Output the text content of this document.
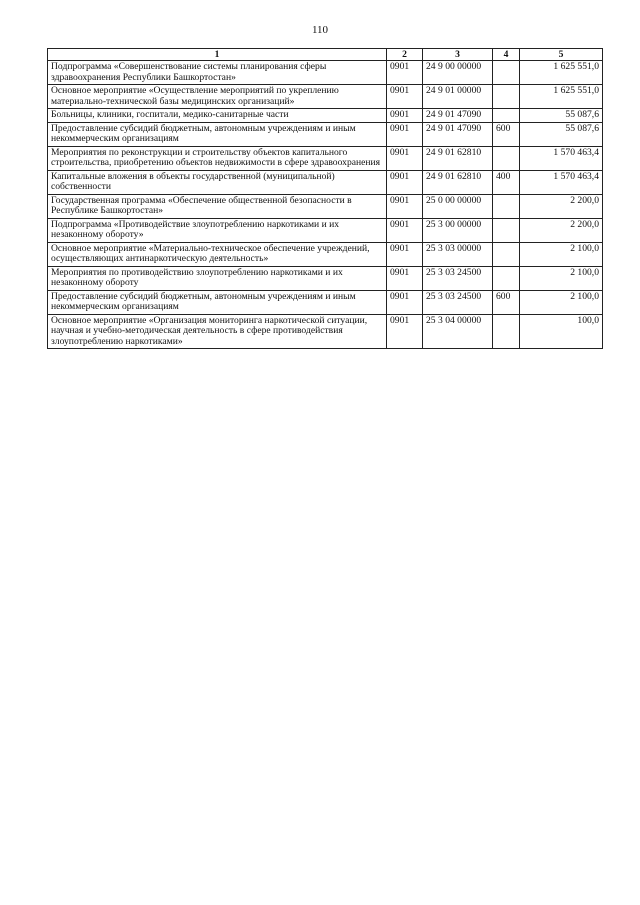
110
1	2	3	4	5
Подпрограмма «Совершенствование системы планирования сферы здравоохранения Республики Башкортостан»	0901	24 9 00 00000		1 625 551,0
Основное мероприятие «Осуществление мероприятий по укреплению материально-технической базы медицинских организаций»	0901	24 9 01 00000		1 625 551,0
Больницы, клиники, госпитали, медико-санитарные части	0901	24 9 01 47090		55 087,6
Предоставление субсидий бюджетным, автономным учреждениям и иным некоммерческим организациям	0901	24 9 01 47090	600	55 087,6
Мероприятия по реконструкции и строительству объектов капитального строительства, приобретению объектов недвижимости в сфере здравоохранения	0901	24 9 01 62810		1 570 463,4
Капитальные вложения в объекты государственной (муниципальной) собственности	0901	24 9 01 62810	400	1 570 463,4
Государственная программа «Обеспечение общественной безопасности в Республике Башкортостан»	0901	25 0 00 00000		2 200,0
Подпрограмма «Противодействие злоупотреблению наркотиками и их незаконному обороту»	0901	25 3 00 00000		2 200,0
Основное мероприятие «Материально-техническое обеспечение учреждений, осуществляющих антинаркотическую деятельность»	0901	25 3 03 00000		2 100,0
Мероприятия по противодействию злоупотреблению наркотиками и их незаконному обороту	0901	25 3 03 24500		2 100,0
Предоставление субсидий бюджетным, автономным учреждениям и иным некоммерческим организациям	0901	25 3 03 24500	600	2 100,0
Основное мероприятие «Организация мониторинга наркотической ситуации, научная и учебно-методическая деятельность в сфере противодействия злоупотреблению наркотиками»	0901	25 3 04 00000		100,0
